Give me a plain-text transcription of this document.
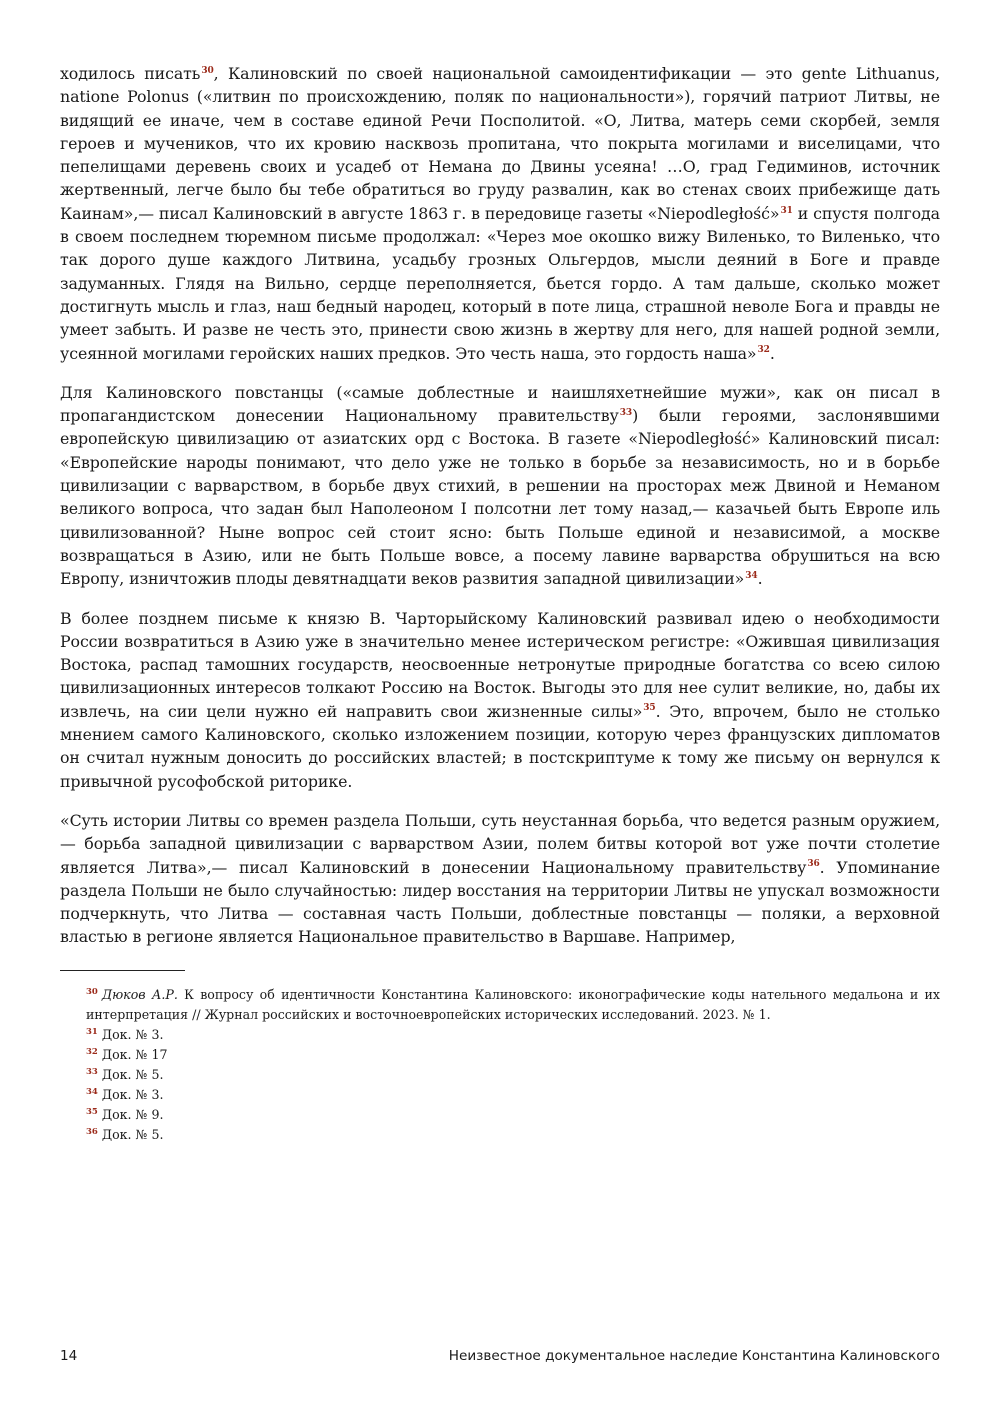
ходилось писать$^{30}$, Калиновский по своей национальной самоидентификации — это gente Lithuanus, natione Polonus («литвин по происхождению, поляк по национальности»), горячий патриот Литвы, не видящий ее иначе, чем в составе единой Речи Посполитой. «О, Литва, матерь семи скорбей, земля героев и мучеников, что их кровию насквозь пропитана, что покрыта могилами и виселицами, что пепелищами деревень своих и усадеб от Немана до Двины усеяна! …О, град Гедиминов, источник жертвенный, легче было бы тебе обратиться во груду развалин, как во стенах своих прибежище дать Каинам»,— писал Калиновский в августе 1863 г. в передовице газеты «Niepodległość»$^{31}$ и спустя полгода в своем последнем тюремном письме продолжал: «Через мое окошко вижу Виленько, то Виленько, что так дорого душе каждого Литвина, усадьбу грозных Ольгердов, мысли деяний в Боге и правде задуманных. Глядя на Вильно, сердце переполняется, бьется гордо. А там дальше, сколько может достигнуть мысль и глаз, наш бедный народец, который в поте лица, страшной неволе Бога и правды не умеет забыть. И разве не честь это, принести свою жизнь в жертву для него, для нашей родной земли, усеянной могилами геройских наших предков. Это честь наша, это гордость наша»$^{32}$.

Для Калиновского повстанцы («самые доблестные и наишляхетнейшие мужи», как он писал в пропагандистском донесении Национальному правительству$^{33}$) были героями, заслонявшими европейскую цивилизацию от азиатских орд с Востока. В газете «Niepodległość» Калиновский писал: «Европейские народы понимают, что дело уже не только в борьбе за независимость, но и в борьбе цивилизации с варварством, в борьбе двух стихий, в решении на просторах меж Двиной и Неманом великого вопроса, что задан был Наполеоном I полсотни лет тому назад,— казачьей быть Европе иль цивилизованной? Ныне вопрос сей стоит ясно: быть Польше единой и независимой, а москве возвращаться в Азию, или не быть Польше вовсе, а посему лавине варварства обрушиться на всю Европу, изничтожив плоды девятнадцати веков развития западной цивилизации»$^{34}$.

В более позднем письме к князю В. Чарторыйскому Калиновский развивал идею о необходимости России возвратиться в Азию уже в значительно менее истерическом регистре: «Ожившая цивилизация Востока, распад тамошних государств, неосвоенные нетронутые природные богатства со всею силою цивилизационных интересов толкают Россию на Восток. Выгоды это для нее сулит великие, но, дабы их извлечь, на сии цели нужно ей направить свои жизненные силы»$^{35}$. Это, впрочем, было не столько мнением самого Калиновского, сколько изложением позиции, которую через французских дипломатов он считал нужным доносить до российских властей; в постскриптуме к тому же письму он вернулся к привычной русофобской риторике.

«Суть истории Литвы со времен раздела Польши, суть неустанная борьба, что ведется разным оружием,— борьба западной цивилизации с варварством Азии, полем битвы которой вот уже почти столетие является Литва»,— писал Калиновский в донесении Национальному правительству$^{36}$. Упоминание раздела Польши не было случайностью: лидер восстания на территории Литвы не упускал возможности подчеркнуть, что Литва — составная часть Польши, доблестные повстанцы — поляки, а верховной властью в регионе является Национальное правительство в Варшаве. Например,

$^{30}$ Дюков А.Р. К вопросу об идентичности Константина Калиновского: иконографические коды нательного медальона и их интерпретация // Журнал российских и восточноевропейских исторических исследований. 2023. № 1.

$^{31}$ Док. № 3.

$^{32}$ Док. № 17

$^{33}$ Док. № 5.

$^{34}$ Док. № 3.

$^{35}$ Док. № 9.

$^{36}$ Док. № 5.

14	Неизвестное документальное наследие Константина Калиновского
